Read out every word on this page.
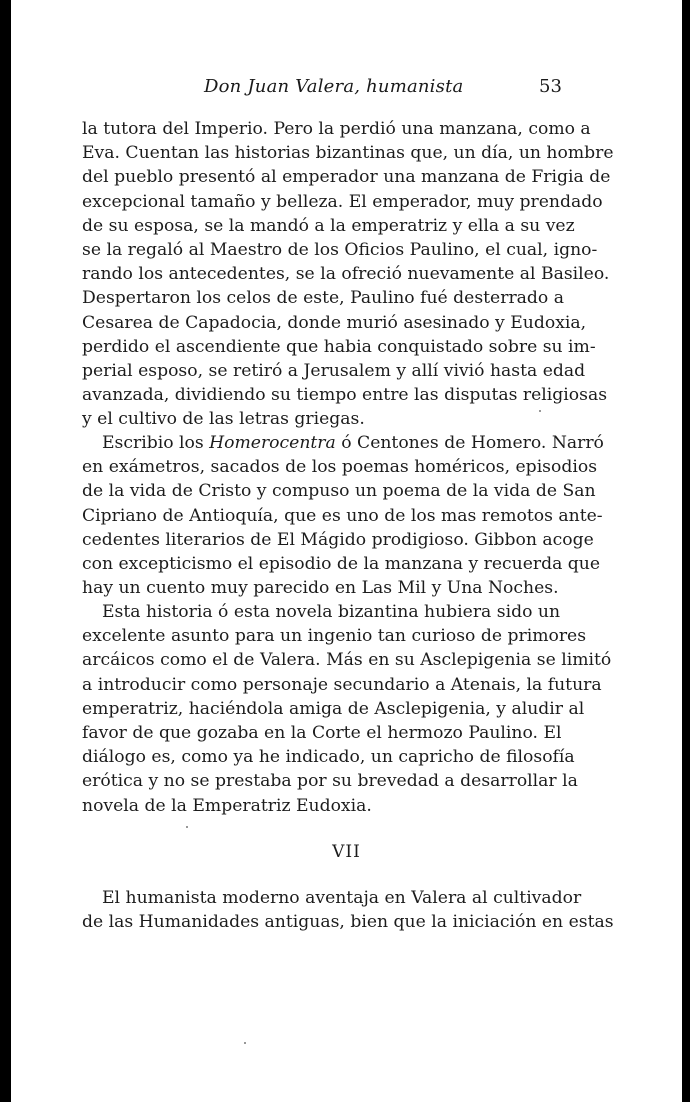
Don Juan Valera, humanista	53
la tutora del Imperio. Pero la perdió una manzana, como a
Eva. Cuentan las historias bizantinas que, un día, un hombre
del pueblo presentó al emperador una manzana de Frigia de
excepcional tamaño y belleza. El emperador, muy prendado
de su esposa, se la mandó a la emperatriz y ella a su vez
se la regaló al Maestro de los Oficios Paulino, el cual, igno-
rando los antecedentes, se la ofreció nuevamente al Basileo.
Despertaron los celos de este, Paulino fué desterrado a
Cesarea de Capadocia, donde murió asesinado y Eudoxia,
perdido el ascendiente que habia conquistado sobre su im-
perial esposo, se retiró a Jerusalem y allí vivió hasta edad
avanzada, dividiendo su tiempo entre las disputas religiosas
y el cultivo de las letras griegas.
Escribio los Homerocentra ó Centones de Homero. Narró
en exámetros, sacados de los poemas homéricos, episodios
de la vida de Cristo y compuso un poema de la vida de San
Cipriano de Antioquía, que es uno de los mas remotos ante-
cedentes literarios de El Mágido prodigioso. Gibbon acoge
con excepticismo el episodio de la manzana y recuerda que
hay un cuento muy parecido en Las Mil y Una Noches.
Esta historia ó esta novela bizantina hubiera sido un
excelente asunto para un ingenio tan curioso de primores
arcáicos como el de Valera. Más en su Asclepigenia se limitó
a introducir como personaje secundario a Atenais, la futura
emperatriz, haciéndola amiga de Asclepigenia, y aludir al
favor de que gozaba en la Corte el hermozo Paulino. El
diálogo es, como ya he indicado, un capricho de filosofía
erótica y no se prestaba por su brevedad a desarrollar la
novela de la Emperatriz Eudoxia.
VII
El humanista moderno aventaja en Valera al cultivador
de las Humanidades antiguas, bien que la iniciación en estas
